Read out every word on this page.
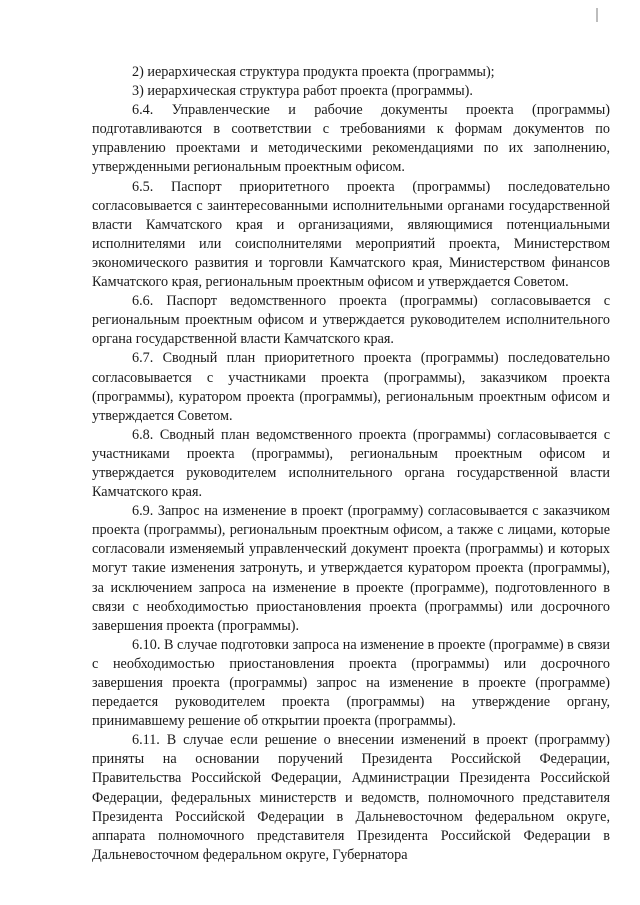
2) иерархическая структура продукта проекта (программы);

3) иерархическая структура работ проекта (программы).

6.4. Управленческие и рабочие документы проекта (программы) подготавливаются в соответствии с требованиями к формам документов по управлению проектами и методическими рекомендациями по их заполнению, утвержденными региональным проектным офисом.

6.5. Паспорт приоритетного проекта (программы) последовательно согласовывается с заинтересованными исполнительными органами государственной власти Камчатского края и организациями, являющимися потенциальными исполнителями или соисполнителями мероприятий проекта, Министерством экономического развития и торговли Камчатского края, Министерством финансов Камчатского края, региональным проектным офисом и утверждается Советом.

6.6. Паспорт ведомственного проекта (программы) согласовывается с региональным проектным офисом и утверждается руководителем исполнительного органа государственной власти Камчатского края.

6.7. Сводный план приоритетного проекта (программы) последовательно согласовывается с участниками проекта (программы), заказчиком проекта (программы), куратором проекта (программы), региональным проектным офисом и утверждается Советом.

6.8. Сводный план ведомственного проекта (программы) согласовывается с участниками проекта (программы), региональным проектным офисом и утверждается руководителем исполнительного органа государственной власти Камчатского края.

6.9. Запрос на изменение в проект (программу) согласовывается с заказчиком проекта (программы), региональным проектным офисом, а также с лицами, которые согласовали изменяемый управленческий документ проекта (программы) и которых могут такие изменения затронуть, и утверждается куратором проекта (программы), за исключением запроса на изменение в проекте (программе), подготовленного в связи с необходимостью приостановления проекта (программы) или досрочного завершения проекта (программы).

6.10. В случае подготовки запроса на изменение в проекте (программе) в связи с необходимостью приостановления проекта (программы) или досрочного завершения проекта (программы) запрос на изменение в проекте (программе) передается руководителем проекта (программы) на утверждение органу, принимавшему решение об открытии проекта (программы).

6.11. В случае если решение о внесении изменений в проект (программу) приняты на основании поручений Президента Российской Федерации, Правительства Российской Федерации, Администрации Президента Российской Федерации, федеральных министерств и ведомств, полномочного представителя Президента Российской Федерации в Дальневосточном федеральном округе, аппарата полномочного представителя Президента Российской Федерации в Дальневосточном федеральном округе, Губернатора
